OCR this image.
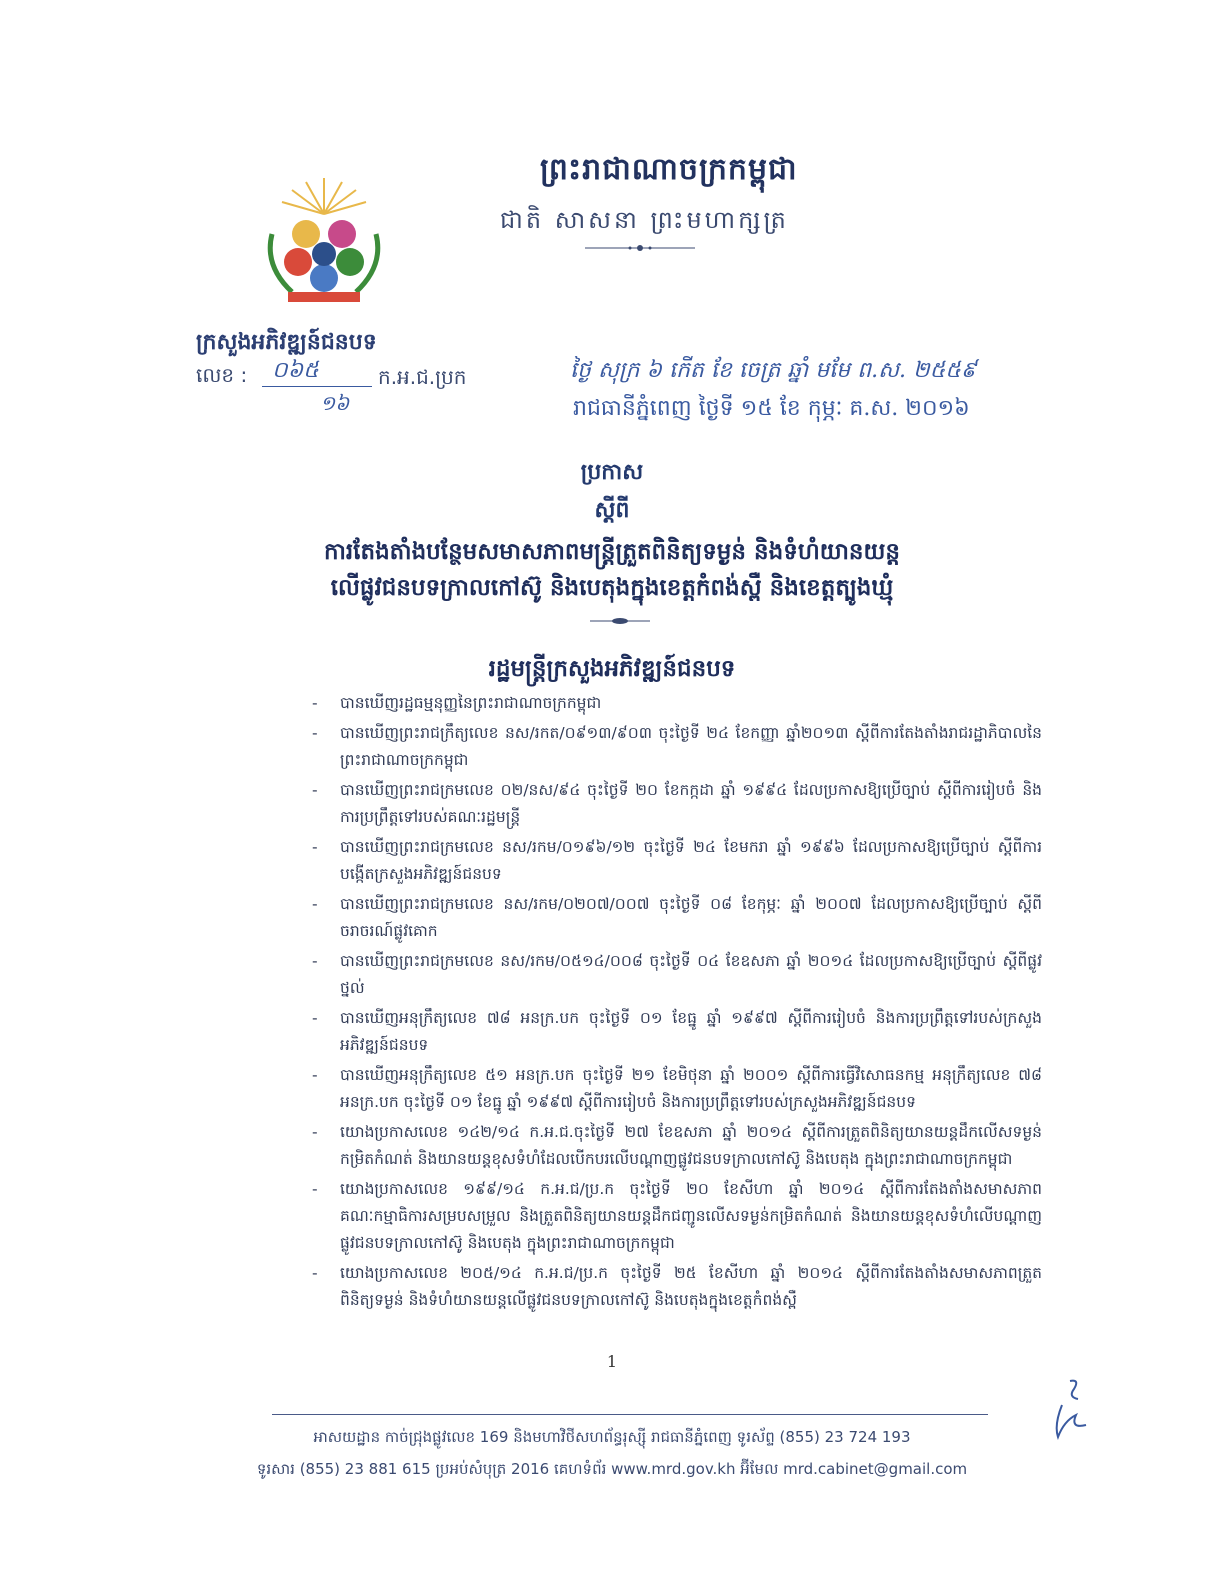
ព្រះរាជាណាចក្រកម្ពុជា
ជាតិ សាសនា ព្រះមហាក្សត្រ
ក្រសួងអភិវឌ្ឍន៍ជនបទ
លេខ : ០៦៥
១៦
ក.អ.ជ.ប្រក	ថ្ងៃ សុក្រ ៦ កើត ខែ ចេត្រ ឆ្នាំ មមែ ព.ស. ២៥៥៩
រាជធានីភ្នំពេញ ថ្ងៃទី ១៥ ខែ កុម្ភៈ គ.ស. ២០១៦
ប្រកាស
ស្តីពី
ការតែងតាំងបន្ថែមសមាសភាពមន្ត្រីត្រួតពិនិត្យទម្ងន់ និងទំហំយានយន្ត
លើផ្លូវជនបទក្រាលកៅស៊ូ និងបេតុងក្នុងខេត្តកំពង់ស្ពឺ និងខេត្តត្បូងឃ្មុំ
រដ្ឋមន្ត្រីក្រសួងអភិវឌ្ឍន៍ជនបទ
- បានឃើញរដ្ឋធម្មនុញ្ញនៃព្រះរាជាណាចក្រកម្ពុជា
- បានឃើញព្រះរាជក្រឹត្យលេខ នស/រកត/០៩១៣/៩០៣ ចុះថ្ងៃទី ២៤ ខែកញ្ញា ឆ្នាំ២០១៣ ស្តីពីការតែងតាំងរាជរដ្ឋាភិបាលនៃព្រះរាជាណាចក្រកម្ពុជា
- បានឃើញព្រះរាជក្រមលេខ ០២/នស/៩៤ ចុះថ្ងៃទី ២០ ខែកក្កដា ឆ្នាំ ១៩៩៤ ដែលប្រកាសឱ្យប្រើច្បាប់ ស្តីពីការរៀបចំ និងការប្រព្រឹត្តទៅរបស់គណៈរដ្ឋមន្ត្រី
- បានឃើញព្រះរាជក្រមលេខ នស/រកម/០១៩៦/១២ ចុះថ្ងៃទី ២៤ ខែមករា ឆ្នាំ ១៩៩៦ ដែលប្រកាសឱ្យប្រើច្បាប់ ស្តីពីការបង្កើតក្រសួងអភិវឌ្ឍន៍ជនបទ
- បានឃើញព្រះរាជក្រមលេខ នស/រកម/០២០៧/០០៧ ចុះថ្ងៃទី ០៨ ខែកុម្ភៈ ឆ្នាំ ២០០៧ ដែលប្រកាសឱ្យប្រើច្បាប់ ស្តីពីចរាចរណ៍ផ្លូវគោក
- បានឃើញព្រះរាជក្រមលេខ នស/រកម/០៥១៤/០០៨ ចុះថ្ងៃទី ០៤ ខែឧសភា ឆ្នាំ ២០១៤ ដែលប្រកាសឱ្យប្រើច្បាប់ ស្តីពីផ្លូវថ្នល់
- បានឃើញអនុក្រឹត្យលេខ ៧៨ អនក្រ.បក ចុះថ្ងៃទី ០១ ខែធ្នូ ឆ្នាំ ១៩៩៧ ស្តីពីការរៀបចំ និងការប្រព្រឹត្តទៅរបស់ក្រសួងអភិវឌ្ឍន៍ជនបទ
- បានឃើញអនុក្រឹត្យលេខ ៥១ អនក្រ.បក ចុះថ្ងៃទី ២១ ខែមិថុនា ឆ្នាំ ២០០១ ស្តីពីការធ្វើវិសោធនកម្ម អនុក្រឹត្យលេខ ៧៨ អនក្រ.បក ចុះថ្ងៃទី ០១ ខែធ្នូ ឆ្នាំ ១៩៩៧ ស្តីពីការរៀបចំ និងការប្រព្រឹត្តទៅរបស់ក្រសួងអភិវឌ្ឍន៍ជនបទ
- យោងប្រកាសលេខ ១៤២/១៤ ក.អ.ជ.ចុះថ្ងៃទី ២៧ ខែឧសភា ឆ្នាំ ២០១៤ ស្តីពីការត្រួតពិនិត្យយានយន្តដឹកលើសទម្ងន់កម្រិតកំណត់ និងយានយន្តខុសទំហំដែលបើកបរលើបណ្តាញផ្លូវជនបទក្រាលកៅស៊ូ និងបេតុង ក្នុងព្រះរាជាណាចក្រកម្ពុជា
- យោងប្រកាសលេខ ១៩៩/១៤ ក.អ.ជ/ប្រ.ក ចុះថ្ងៃទី ២០ ខែសីហា ឆ្នាំ ២០១៤ ស្តីពីការតែងតាំងសមាសភាពគណៈកម្មាធិការសម្របសម្រួល និងត្រួតពិនិត្យយានយន្តដឹកជញ្ជូនលើសទម្ងន់កម្រិតកំណត់ និងយានយន្តខុសទំហំលើបណ្តាញផ្លូវជនបទក្រាលកៅស៊ូ និងបេតុង ក្នុងព្រះរាជាណាចក្រកម្ពុជា
- យោងប្រកាសលេខ ២០៥/១៤ ក.អ.ជ/ប្រ.ក ចុះថ្ងៃទី ២៥ ខែសីហា ឆ្នាំ ២០១៤ ស្តីពីការតែងតាំងសមាសភាពត្រួតពិនិត្យទម្ងន់ និងទំហំយានយន្តលើផ្លូវជនបទក្រាលកៅស៊ូ និងបេតុងក្នុងខេត្តកំពង់ស្ពឺ
1
អាសយដ្ឋាន កាច់ជ្រុងផ្លូវលេខ 169 និងមហាវិថីសហព័ន្ធរុស្ស៊ី រាជធានីភ្នំពេញ ទូរស័ព្ទ (855) 23 724 193
ទូរសារ (855) 23 881 615 ប្រអប់សំបុត្រ 2016 គេហទំព័រ www.mrd.gov.kh អ៊ីមែល mrd.cabinet@gmail.com
